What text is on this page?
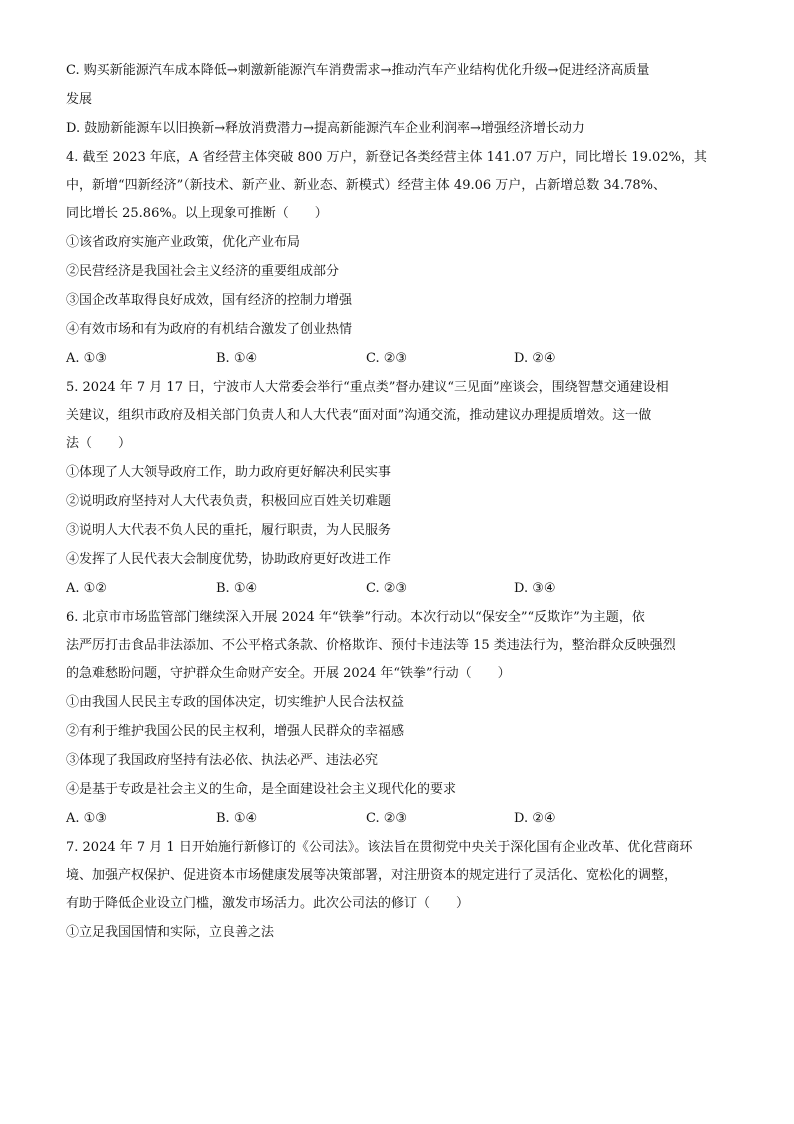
C. 购买新能源汽车成本降低→刺激新能源汽车消费需求→推动汽车产业结构优化升级→促进经济高质量
发展
D. 鼓励新能源车以旧换新→释放消费潜力→提高新能源汽车企业利润率→增强经济增长动力
4. 截至 2023 年底，A 省经营主体突破 800 万户，新登记各类经营主体 141.07 万户，同比增长 19.02%，其
中，新增“四新经济”（新技术、新产业、新业态、新模式）经营主体 49.06 万户，占新增总数 34.78%、
同比增长 25.86%。以上现象可推断（　　）
①该省政府实施产业政策，优化产业布局
②民营经济是我国社会主义经济的重要组成部分
③国企改革取得良好成效，国有经济的控制力增强
④有效市场和有为政府的有机结合激发了创业热情
A. ①③	B. ①④	C. ②③	D. ②④
5. 2024 年 7 月 17 日，宁波市人大常委会举行“重点类”督办建议“三见面”座谈会，围绕智慧交通建设相
关建议，组织市政府及相关部门负责人和人大代表“面对面”沟通交流，推动建议办理提质增效。这一做
法（　　）
①体现了人大领导政府工作，助力政府更好解决利民实事
②说明政府坚持对人大代表负责，积极回应百姓关切难题
③说明人大代表不负人民的重托，履行职责，为人民服务
④发挥了人民代表大会制度优势，协助政府更好改进工作
A. ①②	B. ①④	C. ②③	D. ③④
6. 北京市市场监管部门继续深入开展 2024 年“铁拳”行动。本次行动以“保安全”“反欺诈”为主题，依
法严厉打击食品非法添加、不公平格式条款、价格欺诈、预付卡违法等 15 类违法行为，整治群众反映强烈
的急难愁盼问题，守护群众生命财产安全。开展 2024 年“铁拳”行动（　　）
①由我国人民民主专政的国体决定，切实维护人民合法权益
②有利于维护我国公民的民主权利，增强人民群众的幸福感
③体现了我国政府坚持有法必依、执法必严、违法必究
④是基于专政是社会主义的生命，是全面建设社会主义现代化的要求
A. ①③	B. ①④	C. ②③	D. ②④
7. 2024 年 7 月 1 日开始施行新修订的《公司法》。该法旨在贯彻党中央关于深化国有企业改革、优化营商环
境、加强产权保护、促进资本市场健康发展等决策部署，对注册资本的规定进行了灵活化、宽松化的调整，
有助于降低企业设立门槛，激发市场活力。此次公司法的修订（　　）
①立足我国国情和实际，立良善之法
